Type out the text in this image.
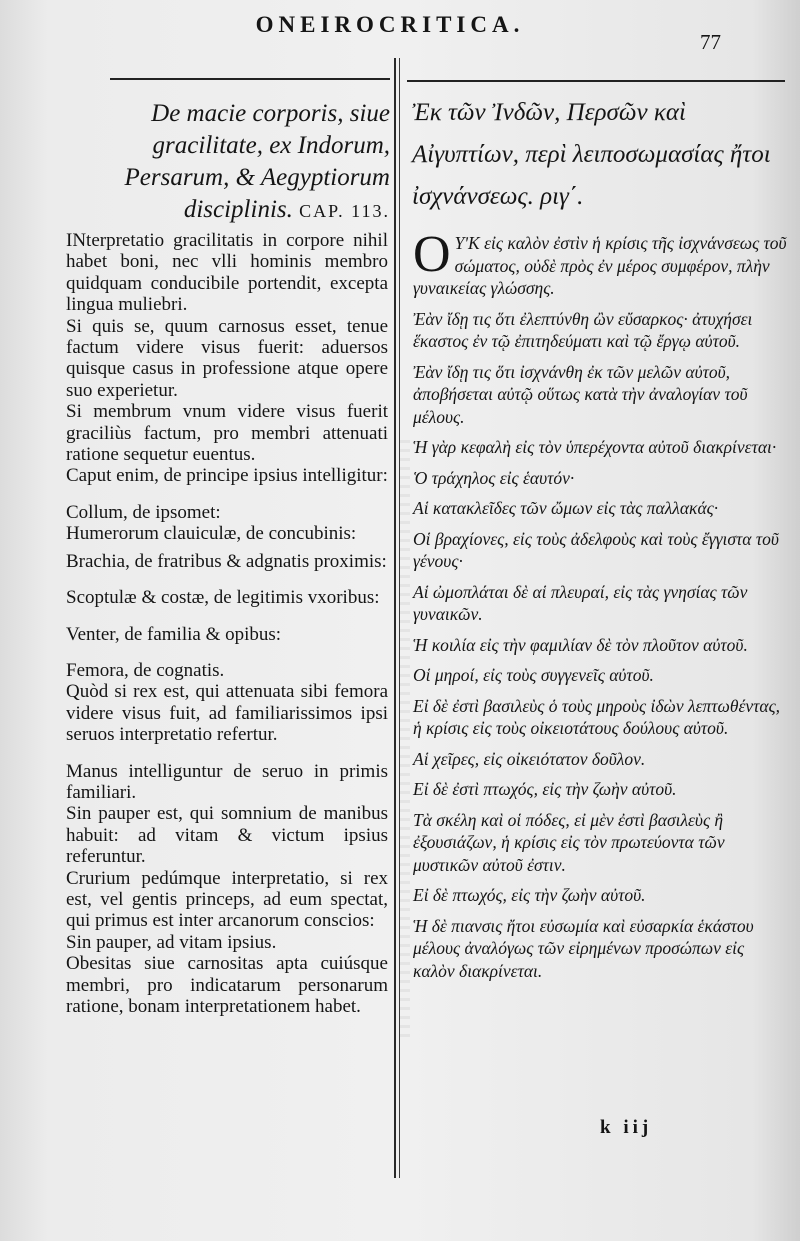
ONEIROCRITICA.
77
De macie corporis, siue gracilitate, ex Indorum, Persarum, & Aegyptiorum disciplinis. CAP. 113.

INterpretatio gracilitatis in corpore nihil habet boni, nec vlli hominis membro quidquam conducibile portendit, excepta lingua muliebri.

Si quis se, quum carnosus esset, tenue factum videre visus fuerit: aduersos quisque casus in professione atque opere suo experietur.

Si membrum vnum videre visus fuerit graciliùs factum, pro membri attenuati ratione sequetur euentus.

Caput enim, de principe ipsius intelligitur:

Collum, de ipsomet:

Humerorum clauiculæ, de concubinis:

Brachia, de fratribus & adgnatis proximis:

Scoptulæ & costæ, de legitimis vxoribus:

Venter, de familia & opibus:

Femora, de cognatis.

Quòd si rex est, qui attenuata sibi femora videre visus fuit, ad familiarissimos ipsi seruos interpretatio refertur.

Manus intelliguntur de seruo in primis familiari.

Sin pauper est, qui somnium de manibus habuit: ad vitam & victum ipsius referuntur.

Crurium pedúmque interpretatio, si rex est, vel gentis princeps, ad eum spectat, qui primus est inter arcanorum conscios:

Sin pauper, ad vitam ipsius.

Obesitas siue carnositas apta cuiúsque membri, pro indicatarum personarum ratione, bonam interpretationem habet.

Ἐκ τῶν Ἰνδῶν, Περσῶν καὶ Αἰγυπτίων, περὶ λειποσωμασίας ἤτοι ἰσχνάνσεως. ριγ΄.

O ΥʹΚ εἰς καλὸν ἐστὶν ἡ κρίσις τῆς ἰσχνάνσεως τοῦ σώματος, οὐδὲ πρὸς ἐν μέρος συμφέρον, πλὴν γυναικείας γλώσσης.

Ἐὰν ἴδῃ τις ὅτι ἐλεπτύνθη ὢν εὔσαρκος· ἀτυχήσει ἕκαστος ἐν τῷ ἐπιτηδεύματι καὶ τῷ ἔργῳ αὐτοῦ.

Ἐὰν ἴδῃ τις ὅτι ἰσχνάνθη ἐκ τῶν μελῶν αὐτοῦ, ἀποβήσεται αὐτῷ οὕτως κατὰ τὴν ἀναλογίαν τοῦ μέλους.

Ἡ γὰρ κεφαλὴ εἰς τὸν ὑπερέχοντα αὐτοῦ διακρίνεται·

Ὁ τράχηλος εἰς ἑαυτόν·

Αἱ κατακλεῖδες τῶν ὤμων εἰς τὰς παλλακάς·

Οἱ βραχίονες, εἰς τοὺς ἀδελφοὺς καὶ τοὺς ἔγγιστα τοῦ γένους·

Αἱ ὠμοπλάται δὲ αἱ πλευραί, εἰς τὰς γνησίας τῶν γυναικῶν.

Ἡ κοιλία εἰς τὴν φαμιλίαν δὲ τὸν πλοῦτον αὐτοῦ.

Οἱ μηροί, εἰς τοὺς συγγενεῖς αὐτοῦ.

Εἰ δὲ ἐστὶ βασιλεὺς ὁ τοὺς μηροὺς ἰδὼν λεπτωθέντας, ἡ κρίσις εἰς τοὺς οἰκειοτάτους δούλους αὐτοῦ.

Αἱ χεῖρες, εἰς οἰκειότατον δοῦλον.

Εἰ δὲ ἐστὶ πτωχός, εἰς τὴν ζωὴν αὐτοῦ.

Τὰ σκέλη καὶ οἱ πόδες, εἰ μὲν ἐστὶ βασιλεὺς ἢ ἐξουσιάζων, ἡ κρίσις εἰς τὸν πρωτεύοντα τῶν μυστικῶν αὐτοῦ ἐστιν.

Εἰ δὲ πτωχός, εἰς τὴν ζωὴν αὐτοῦ.

Ἡ δὲ πιανσις ἤτοι εὐσωμία καὶ εὐσαρκία ἑκάστου μέλους ἀναλόγως τῶν εἰρημένων προσώπων εἰς καλὸν διακρίνεται.

k iij
